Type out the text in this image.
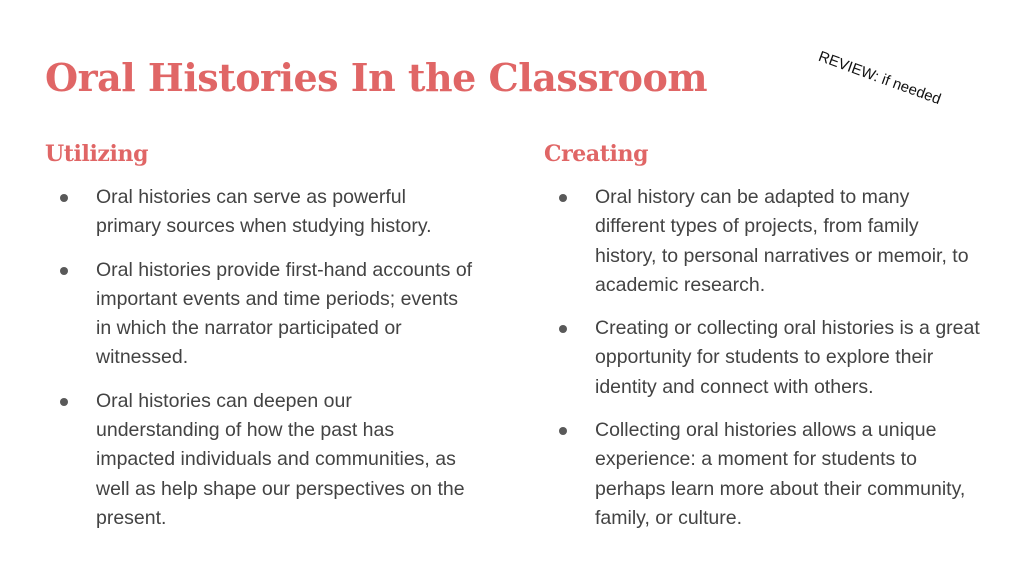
Oral Histories In the Classroom	REVIEW: if needed
Utilizing
Oral histories can serve as powerful primary sources when studying history.
Oral histories provide first-hand accounts of important events and time periods; events in which the narrator participated or witnessed.
Oral histories can deepen our understanding of how the past has impacted individuals and communities, as well as help shape our perspectives on the present.
Creating
Oral history can be adapted to many different types of projects, from family history, to personal narratives or memoir, to academic research.
Creating or collecting oral histories is a great opportunity for students to explore their identity and connect with others.
Collecting oral histories allows a unique experience: a moment for students to perhaps learn more about their community, family, or culture.
